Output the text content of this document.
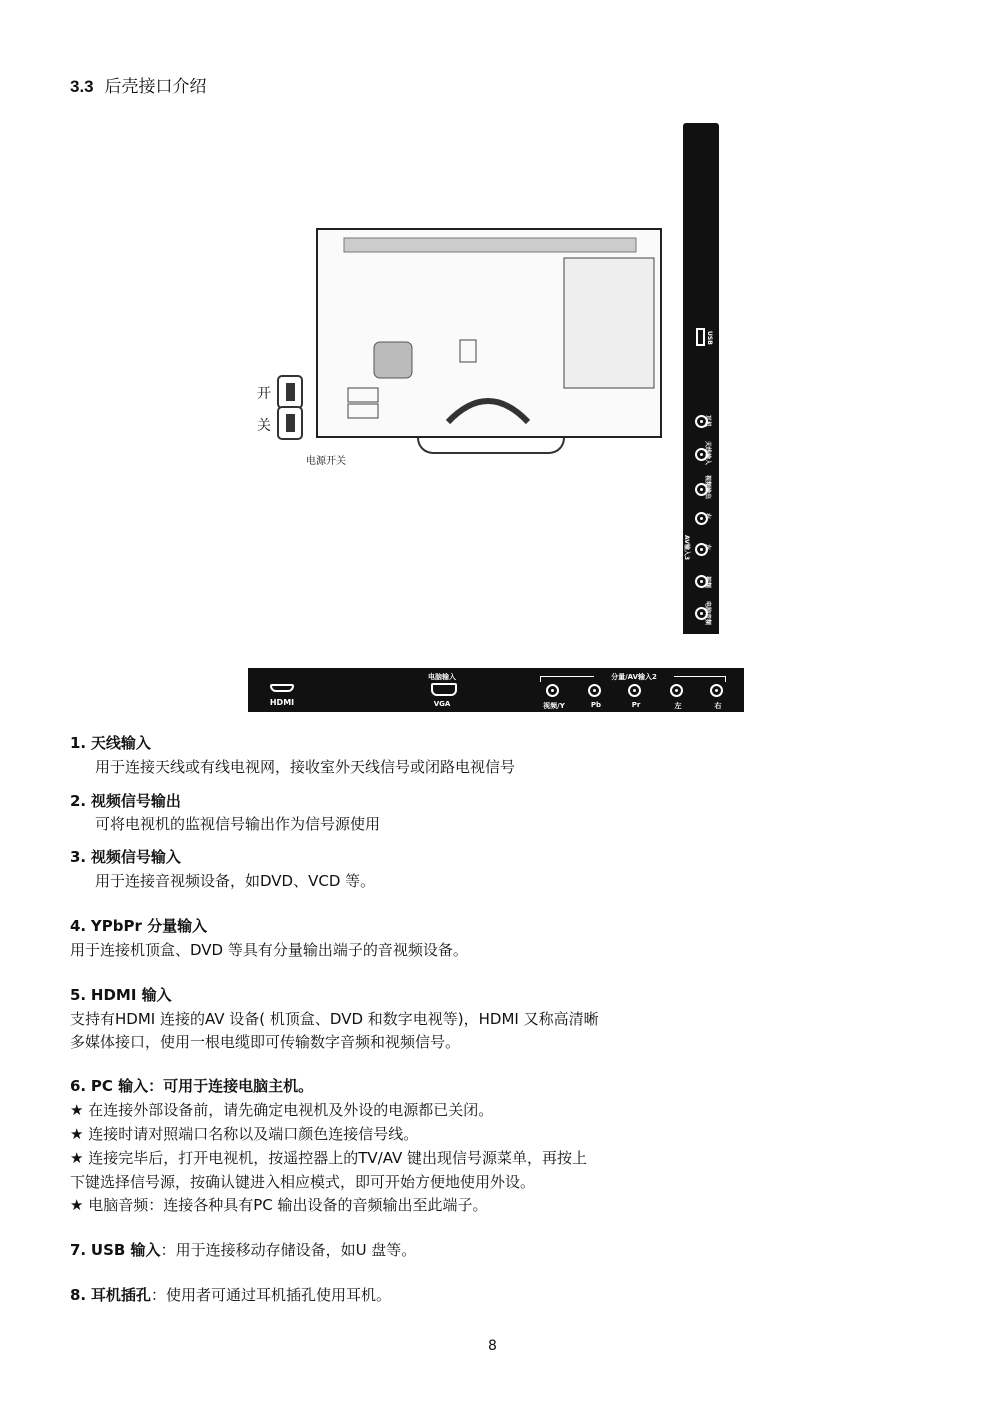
3.3 后壳接口介绍
开
关
电源开关
USB
耳机
天线输入
视频输出
右
AV输入3	左
视频
电脑音频
HDMI
电脑输入
VGA
分量/AV输入2
视频/Y	Pb	Pr	左	右
1. 天线输入
用于连接天线或有线电视网，接收室外天线信号或闭路电视信号
2. 视频信号输出
可将电视机的监视信号输出作为信号源使用
3. 视频信号输入
用于连接音视频设备，如DVD、VCD 等。
4. YPbPr 分量输入
用于连接机顶盒、DVD 等具有分量输出端子的音视频设备。
5. HDMI 输入
支持有HDMI 连接的AV 设备( 机顶盒、DVD 和数字电视等)，HDMI 又称高清晰
多媒体接口，使用一根电缆即可传输数字音频和视频信号。
6. PC 输入：可用于连接电脑主机。
★ 在连接外部设备前，请先确定电视机及外设的电源都已关闭。
★ 连接时请对照端口名称以及端口颜色连接信号线。
★ 连接完毕后，打开电视机，按遥控器上的TV/AV 键出现信号源菜单，再按上
下键选择信号源，按确认键进入相应模式，即可开始方便地使用外设。
★ 电脑音频：连接各种具有PC 输出设备的音频输出至此端子。
7. USB 输入：用于连接移动存储设备，如U 盘等。
8. 耳机插孔：使用者可通过耳机插孔使用耳机。
8
